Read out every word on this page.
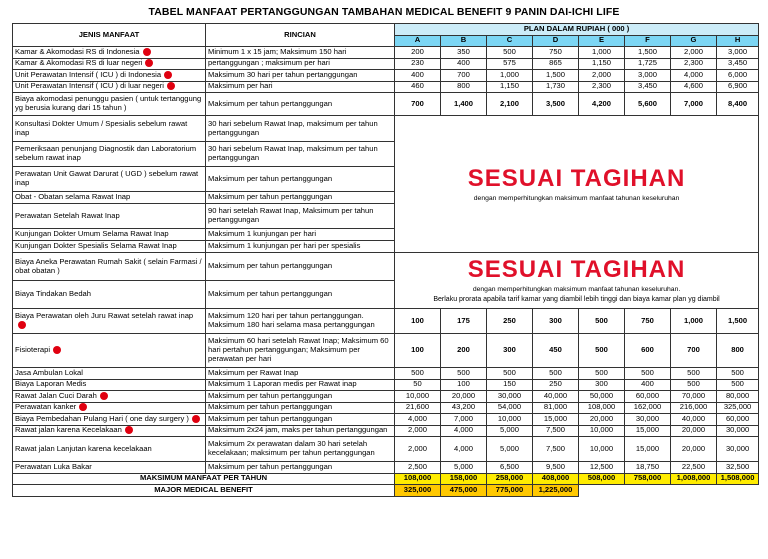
TABEL MANFAAT PERTANGGUNGAN TAMBAHAN MEDICAL BENEFIT 9 PANIN DAI-ICHI LIFE
JENIS MANFAAT	RINCIAN	PLAN DALAM RUPIAH ( 000 )							
		A	B	C	D	E	F	G	H
Kamar & Akomodasi RS di Indonesia	Minimum 1 x 15 jam; Maksimum 150 hari	200	350	500	750	1,000	1,500	2,000	3,000
Kamar & Akomodasi RS di luar negeri	pertanggungan ; maksimum per hari	230	400	575	865	1,150	1,725	2,300	3,450
Unit Perawatan Intensif ( ICU ) di Indonesia	Maksimum 30 hari per tahun pertanggungan	400	700	1,000	1,500	2,000	3,000	4,000	6,000
Unit Perawatan Intensif ( ICU ) di luar negeri	Maksimum per hari	460	800	1,150	1,730	2,300	3,450	4,600	6,900
Biaya akomodasi penunggu pasien ( untuk tertanggung yg berusia kurang dari 15 tahun )	Maksimum per tahun pertanggungan	700	1,400	2,100	3,500	4,200	5,600	7,000	8,400
Konsultasi Dokter Umum / Spesialis sebelum rawat inap	30 hari sebelum Rawat Inap, maksimum per tahun pertanggungan	SESUAI TAGIHAN
dengan memperhitungkan maksimum manfaat tahunan keseluruhan							

Pemeriksaan penunjang Diagnostik dan Laboratorium sebelum rawat inap	30 hari sebelum Rawat Inap, maksimum per tahun pertanggungan								
Perawatan Unit Gawat Darurat ( UGD ) sebelum rawat inap	Maksimum per tahun pertanggungan								
Obat - Obatan selama Rawat Inap	Maksimum per tahun pertanggungan								
Perawatan Setelah Rawat Inap	90 hari setelah Rawat Inap, Maksimum per tahun pertanggungan								
Kunjungan Dokter Umum Selama Rawat Inap	Maksimum 1 kunjungan per hari								
Kunjungan Dokter Spesialis Selama Rawat Inap	Maksimum 1 kunjungan per hari per spesialis								
Biaya Aneka Perawatan Rumah Sakit ( selain Farmasi / obat obatan )	Maksimum per tahun pertanggungan	SESUAI TAGIHAN
dengan memperhitungkan maksimum manfaat tahunan keseluruhan.
Berlaku prorata apabila tarif kamar yang diambil lebih tinggi dan biaya kamar plan yg diambil							

Biaya Tindakan Bedah	Maksimum per tahun pertanggungan								
Biaya Perawatan oleh Juru Rawat setelah rawat inap	Maksimum 120 hari per tahun pertanggungan. Maksimum 180 hari selama masa pertanggungan	100	175	250	300	500	750	1,000	1,500
Fisioterapi	Maksimum 60 hari setelah Rawat Inap; Maksimum 60 hari pertahun pertanggungan; Maksimum per perawatan per hari	100	200	300	450	500	600	700	800
Jasa Ambulan Lokal	Maksimum per Rawat Inap	500	500	500	500	500	500	500	500
Biaya Laporan Medis	Maksimum 1 Laporan medis per Rawat inap	50	100	150	250	300	400	500	500
Rawat Jalan Cuci Darah	Maksimum per tahun pertanggungan	10,000	20,000	30,000	40,000	50,000	60,000	70,000	80,000
Perawatan kanker	Maksimum per tahun pertanggungan	21,600	43,200	54,000	81,000	108,000	162,000	216,000	325,000
Biaya Pembedahan Pulang Hari ( one day surgery )	Maksimum per tahun pertanggungan	4,000	7,000	10,000	15,000	20,000	30,000	40,000	60,000
Rawat jalan karena Kecelakaan	Maksimum 2x24 jam, maks per tahun pertanggungan	2,000	4,000	5,000	7,500	10,000	15,000	20,000	30,000
Rawat jalan Lanjutan karena kecelakaan	Maksimum 2x perawatan dalam 30 hari setelah kecelakaan; maksimum per tahun pertanggungan	2,000	4,000	5,000	7,500	10,000	15,000	20,000	30,000
Perawatan Luka Bakar	Maksimum per tahun pertanggungan	2,500	5,000	6,500	9,500	12,500	18,750	22,500	32,500
MAKSIMUM MANFAAT PER TAHUN		108,000	158,000	258,000	408,000	508,000	758,000	1,008,000	1,508,000
MAJOR MEDICAL BENEFIT		325,000	475,000	775,000	1,225,000				
